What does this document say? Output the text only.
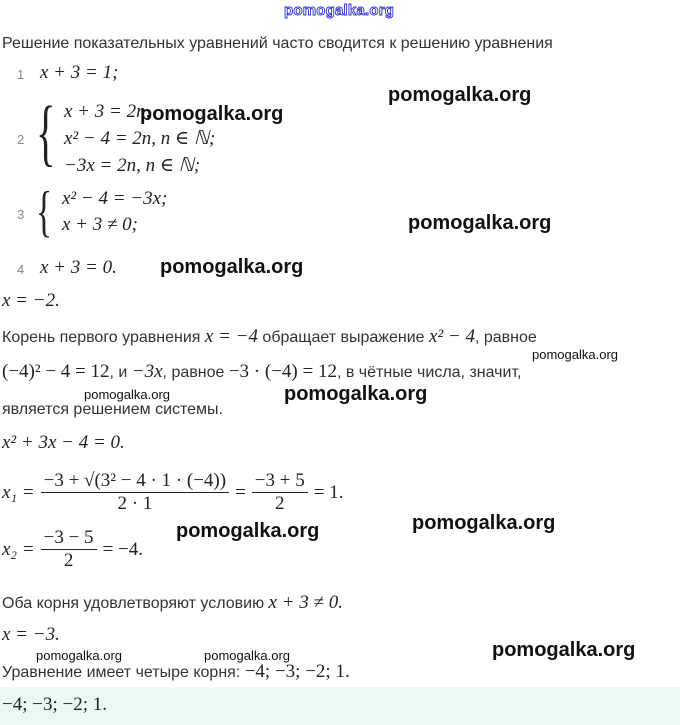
pomogalka.org
Решение показательных уравнений часто сводится к решению уравнения
1 x + 3 = 1;
2 { x + 3 = 2n,
x² − 4 = 2n, n ∈ ℕ;
−3x = 2n, n ∈ ℕ;
3 { x² − 4 = −3x;
x + 3 ≠ 0;
4 x + 3 = 0.
x = −2.
Корень первого уравнения x = −4 обращает выражение x² − 4, равное
(−4)² − 4 = 12, и −3x, равное −3 · (−4) = 12, в чётные числа, значит,
является решением системы.
x² + 3x − 4 = 0.
$x_1 = \frac{\text{−3 + √(3² − 4 · 1 · (−4))}}{2 \cdot 1} = \frac{-3 + 5}{2} = 1$.
$x_2 = \frac{-3 - 5}{2} = -4$.
Оба корня удовлетворяют условию x + 3 ≠ 0.
x = −3.
Уравнение имеет четыре корня: −4; −3; −2; 1.
−4; −3; −2; 1.
pomogalka.org
pomogalka.org
pomogalka.org
pomogalka.org
pomogalka.org
pomogalka.org	pomogalka.org
pomogalka.org
pomogalka.org
pomogalka.org	pomogalka.org	pomogalka.org
